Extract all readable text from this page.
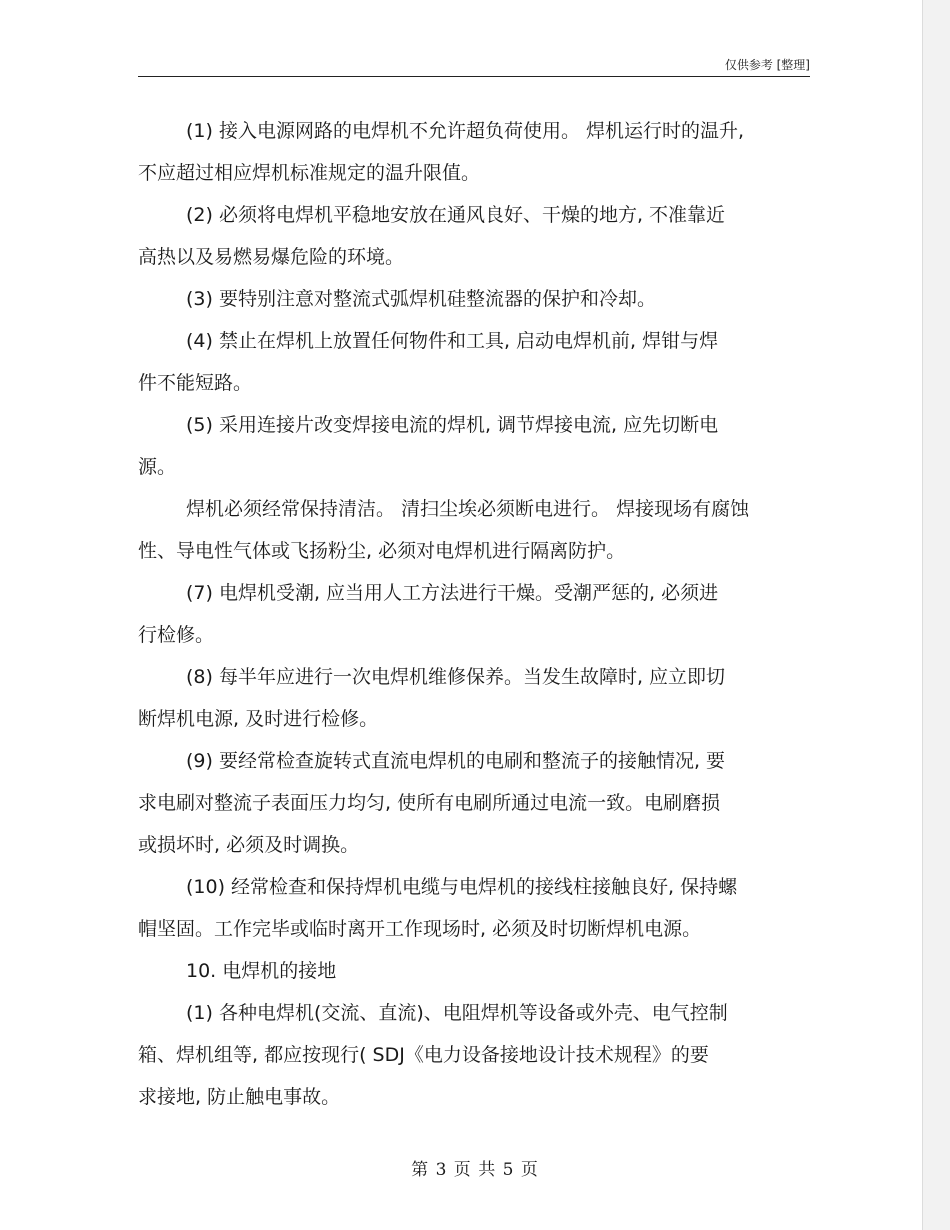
仅供参考 [整理]

(1) 接入电源网路的电焊机不允许超负荷使用。 焊机运行时的温升,
不应超过相应焊机标准规定的温升限值。

(2) 必须将电焊机平稳地安放在通风良好、干燥的地方, 不准靠近
高热以及易燃易爆危险的环境。

(3) 要特别注意对整流式弧焊机硅整流器的保护和冷却。

(4) 禁止在焊机上放置任何物件和工具, 启动电焊机前, 焊钳与焊
件不能短路。

(5) 采用连接片改变焊接电流的焊机, 调节焊接电流, 应先切断电
源。

焊机必须经常保持清洁。 清扫尘埃必须断电进行。 焊接现场有腐蚀
性、导电性气体或飞扬粉尘, 必须对电焊机进行隔离防护。

(7) 电焊机受潮, 应当用人工方法进行干燥。受潮严惩的, 必须进
行检修。

(8) 每半年应进行一次电焊机维修保养。当发生故障时, 应立即切
断焊机电源, 及时进行检修。

(9) 要经常检查旋转式直流电焊机的电刷和整流子的接触情况, 要
求电刷对整流子表面压力均匀, 使所有电刷所通过电流一致。电刷磨损
或损坏时, 必须及时调换。

(10) 经常检查和保持焊机电缆与电焊机的接线柱接触良好, 保持螺
帽坚固。工作完毕或临时离开工作现场时, 必须及时切断焊机电源。

10. 电焊机的接地

(1) 各种电焊机(交流、直流)、电阻焊机等设备或外壳、电气控制
箱、焊机组等, 都应按现行( SDJ《电力设备接地设计技术规程》的要
求接地, 防止触电事故。

第 3 页 共 5 页
